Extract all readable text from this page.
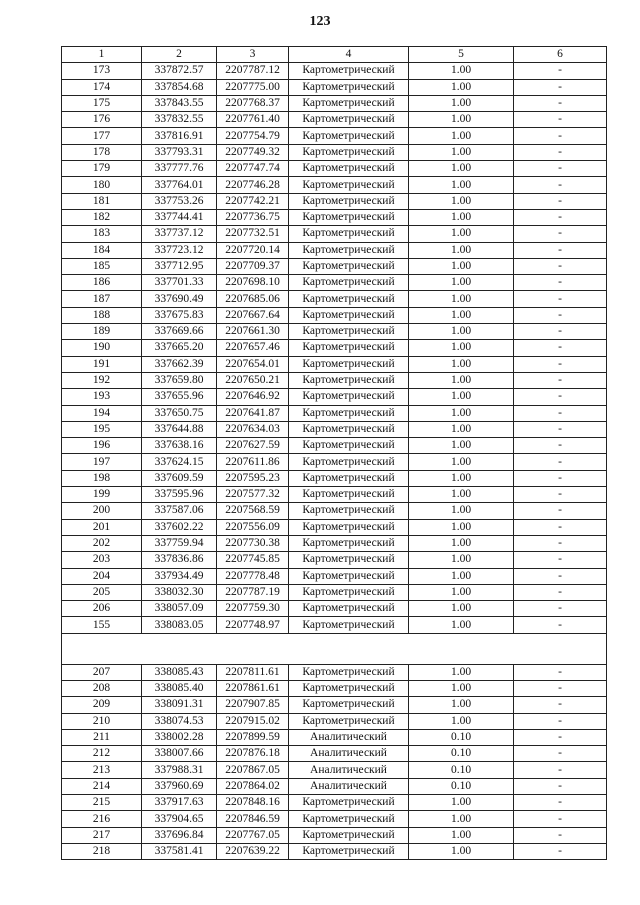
123
1	2	3	4	5	6
173	337872.57	2207787.12	Картометрический	1.00	-
174	337854.68	2207775.00	Картометрический	1.00	-
175	337843.55	2207768.37	Картометрический	1.00	-
176	337832.55	2207761.40	Картометрический	1.00	-
177	337816.91	2207754.79	Картометрический	1.00	-
178	337793.31	2207749.32	Картометрический	1.00	-
179	337777.76	2207747.74	Картометрический	1.00	-
180	337764.01	2207746.28	Картометрический	1.00	-
181	337753.26	2207742.21	Картометрический	1.00	-
182	337744.41	2207736.75	Картометрический	1.00	-
183	337737.12	2207732.51	Картометрический	1.00	-
184	337723.12	2207720.14	Картометрический	1.00	-
185	337712.95	2207709.37	Картометрический	1.00	-
186	337701.33	2207698.10	Картометрический	1.00	-
187	337690.49	2207685.06	Картометрический	1.00	-
188	337675.83	2207667.64	Картометрический	1.00	-
189	337669.66	2207661.30	Картометрический	1.00	-
190	337665.20	2207657.46	Картометрический	1.00	-
191	337662.39	2207654.01	Картометрический	1.00	-
192	337659.80	2207650.21	Картометрический	1.00	-
193	337655.96	2207646.92	Картометрический	1.00	-
194	337650.75	2207641.87	Картометрический	1.00	-
195	337644.88	2207634.03	Картометрический	1.00	-
196	337638.16	2207627.59	Картометрический	1.00	-
197	337624.15	2207611.86	Картометрический	1.00	-
198	337609.59	2207595.23	Картометрический	1.00	-
199	337595.96	2207577.32	Картометрический	1.00	-
200	337587.06	2207568.59	Картометрический	1.00	-
201	337602.22	2207556.09	Картометрический	1.00	-
202	337759.94	2207730.38	Картометрический	1.00	-
203	337836.86	2207745.85	Картометрический	1.00	-
204	337934.49	2207778.48	Картометрический	1.00	-
205	338032.30	2207787.19	Картометрический	1.00	-
206	338057.09	2207759.30	Картометрический	1.00	-
155	338083.05	2207748.97	Картометрический	1.00	-

207	338085.43	2207811.61	Картометрический	1.00	-
208	338085.40	2207861.61	Картометрический	1.00	-
209	338091.31	2207907.85	Картометрический	1.00	-
210	338074.53	2207915.02	Картометрический	1.00	-
211	338002.28	2207899.59	Аналитический	0.10	-
212	338007.66	2207876.18	Аналитический	0.10	-
213	337988.31	2207867.05	Аналитический	0.10	-
214	337960.69	2207864.02	Аналитический	0.10	-
215	337917.63	2207848.16	Картометрический	1.00	-
216	337904.65	2207846.59	Картометрический	1.00	-
217	337696.84	2207767.05	Картометрический	1.00	-
218	337581.41	2207639.22	Картометрический	1.00	-
